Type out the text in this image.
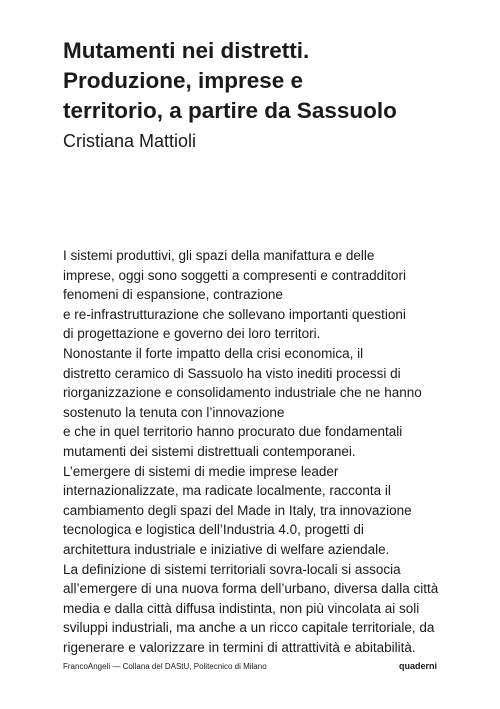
Mutamenti nei distretti.
Produzione, imprese e
territorio, a partire da Sassuolo
Cristiana Mattioli
I sistemi produttivi, gli spazi della manifattura e delle
imprese, oggi sono soggetti a compresenti e contradditori
fenomeni di espansione, contrazione
e re-infrastrutturazione che sollevano importanti questioni
di progettazione e governo dei loro territori.
Nonostante il forte impatto della crisi economica, il
distretto ceramico di Sassuolo ha visto inediti processi di
riorganizzazione e consolidamento industriale che ne hanno
sostenuto la tenuta con l’innovazione
e che in quel territorio hanno procurato due fondamentali
mutamenti dei sistemi distrettuali contemporanei.
L’emergere di sistemi di medie imprese leader
internazionalizzate, ma radicate localmente, racconta il
cambiamento degli spazi del Made in Italy, tra innovazione
tecnologica e logistica dell’Industria 4.0, progetti di
architettura industriale e iniziative di welfare aziendale.
La definizione di sistemi territoriali sovra-locali si associa
all’emergere di una nuova forma dell’urbano, diversa dalla città
media e dalla città diffusa indistinta, non più vincolata ai soli
sviluppi industriali, ma anche a un ricco capitale territoriale, da
rigenerare e valorizzare in termini di attrattività e abitabilità.
FrancoAngeli — Collana del DAStU, Politecnico di Milano	quaderni
